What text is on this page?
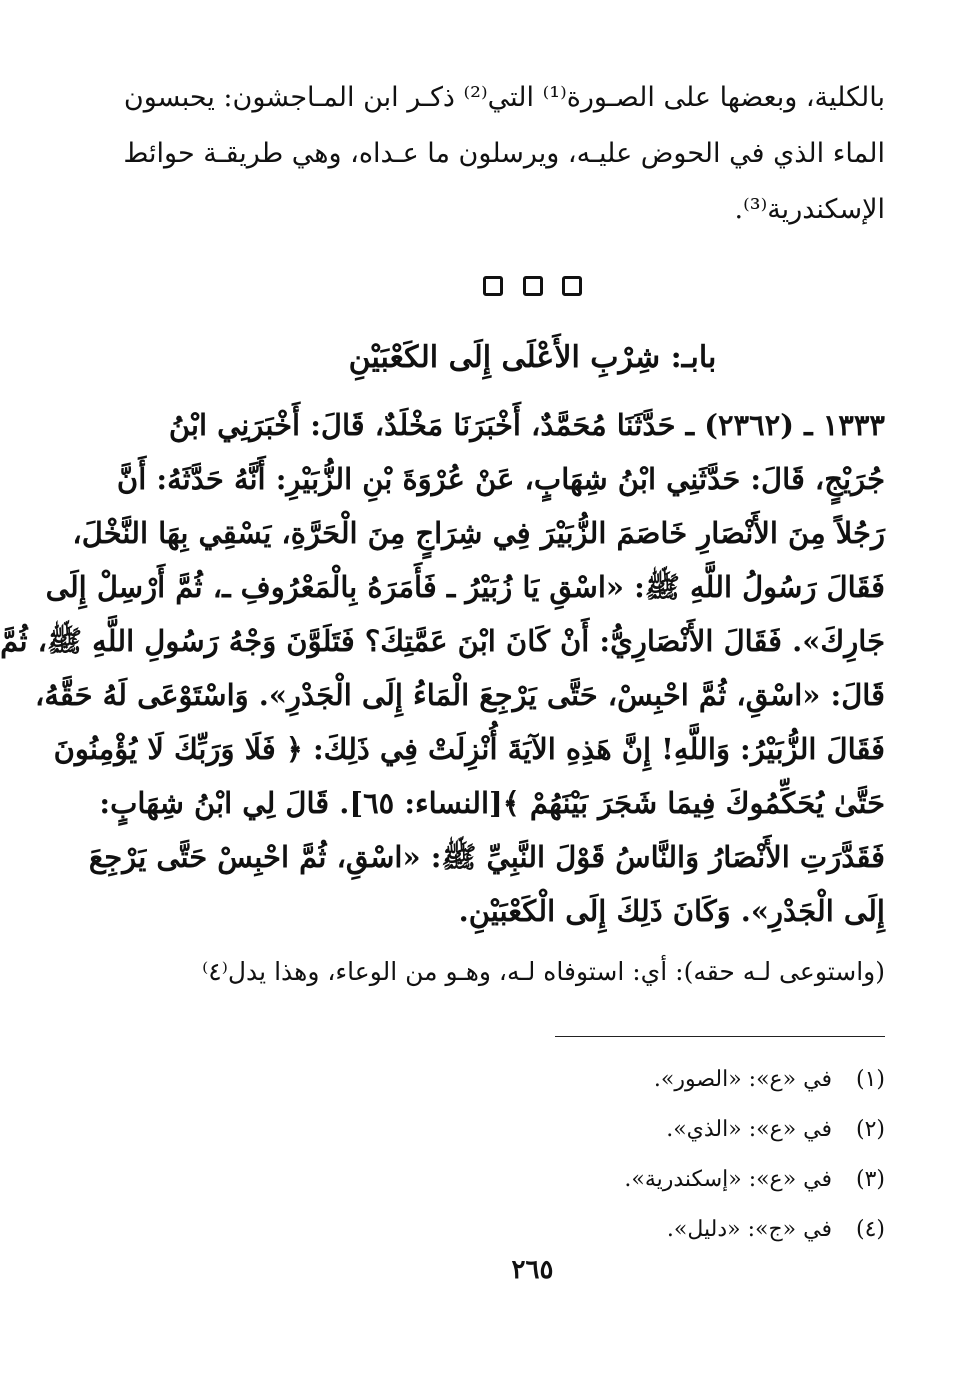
بالكلية، وبعضها على الصـورة⁽¹⁾ التي⁽²⁾ ذكـر ابن المـاجشون: يحبسون
الماء الذي في الحوض عليـه، ويرسلون ما عـداه، وهي طريقـة حوائط
الإسكندرية⁽³⁾.

بابـ: شِرْبِ الأَعْلَى إِلَى الكَعْبَيْنِ
١٣٣٣ ـ (٢٣٦٢) ـ حَدَّثَنَا مُحَمَّدٌ، أَخْبَرَنَا مَخْلَدٌ، قَالَ: أَخْبَرَنِي ابْنُ
جُرَيْجٍ، قَالَ: حَدَّثَنِي ابْنُ شِهَابٍ، عَنْ عُرْوَةَ بْنِ الزُّبَيْرِ: أَنَّهُ حَدَّثَهُ: أَنَّ
رَجُلاً مِنَ الأَنْصَارِ خَاصَمَ الزُّبَيْرَ فِي شِرَاجٍ مِنَ الْحَرَّةِ، يَسْقِي بِهَا النَّخْلَ،
فَقَالَ رَسُولُ اللَّهِ ﷺ: «اسْقِ يَا زُبَيْرُ ـ فَأَمَرَهُ بِالْمَعْرُوفِ ـ، ثُمَّ أَرْسِلْ إِلَى
جَارِكَ». فَقَالَ الأَنْصَارِيُّ: أَنْ كَانَ ابْنَ عَمَّتِكَ؟ فَتَلَوَّنَ وَجْهُ رَسُولِ اللَّهِ ﷺ، ثُمَّ
قَالَ: «اسْقِ، ثُمَّ احْبِسْ، حَتَّى يَرْجِعَ الْمَاءُ إِلَى الْجَدْرِ». وَاسْتَوْعَى لَهُ حَقَّهُ،
فَقَالَ الزُّبَيْرُ: وَاللَّهِ! إِنَّ هَذِهِ الآيَةَ أُنْزِلَتْ فِي ذَلِكَ: ﴿ فَلَا وَرَبِّكَ لَا يُؤْمِنُونَ
حَتَّىٰ يُحَكِّمُوكَ فِيمَا شَجَرَ بَيْنَهُمْ ﴾[النساء: ٦٥]. قَالَ لِي ابْنُ شِهَابٍ:
فَقَدَّرَتِ الأَنْصَارُ وَالنَّاسُ قَوْلَ النَّبِيِّ ﷺ: «اسْقِ، ثُمَّ احْبِسْ حَتَّى يَرْجِعَ
إِلَى الْجَدْرِ». وَكَانَ ذَلِكَ إِلَى الْكَعْبَيْنِ.
(واستوعى لـه حقه): أي: استوفاه لـه، وهـو من الوعاء، وهذا يدل⁽٤⁾
(١) في «ع»: «الصور».
(٢) في «ع»: «الذي».
(٣) في «ع»: «إسكندرية».
(٤) في «ج»: «دليل».
٢٦٥
